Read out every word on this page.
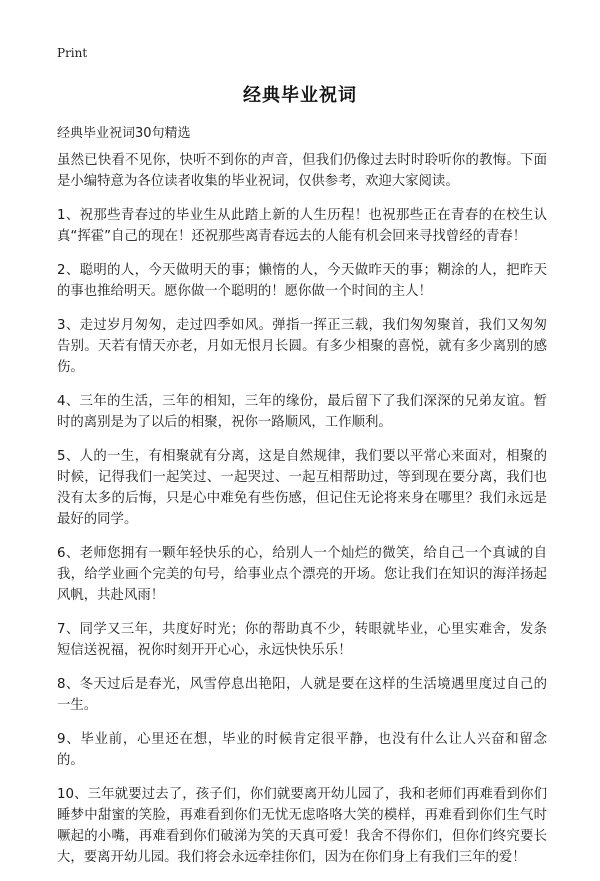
Print
经典毕业祝词
经典毕业祝词30句精选

虽然已快看不见你，快听不到你的声音，但我们仍像过去时时聆听你的教悔。下面是小编特意为各位读者收集的毕业祝词，仅供参考，欢迎大家阅读。

1、祝那些青春过的毕业生从此踏上新的人生历程！也祝那些正在青春的在校生认真“挥霍”自己的现在！还祝那些离青春远去的人能有机会回来寻找曾经的青春！

2、聪明的人，今天做明天的事；懒惰的人，今天做昨天的事；糊涂的人，把昨天的事也推给明天。愿你做一个聪明的！愿你做一个时间的主人！

3、走过岁月匆匆，走过四季如风。弹指一挥正三载，我们匆匆聚首，我们又匆匆告别。天若有情天亦老，月如无恨月长圆。有多少相聚的喜悦，就有多少离别的感伤。

4、三年的生活，三年的相知，三年的缘份，最后留下了我们深深的兄弟友谊。暂时的离别是为了以后的相聚，祝你一路顺风，工作顺利。

5、人的一生，有相聚就有分离，这是自然规律，我们要以平常心来面对，相聚的时候，记得我们一起笑过、一起哭过、一起互相帮助过，等到现在要分离，我们也没有太多的后悔，只是心中难免有些伤感，但记住无论将来身在哪里？我们永远是最好的同学。

6、老师您拥有一颗年轻快乐的心，给别人一个灿烂的微笑，给自己一个真诚的自我，给学业画个完美的句号，给事业点个漂亮的开场。您让我们在知识的海洋扬起风帆，共赴风雨！

7、同学又三年，共度好时光；你的帮助真不少，转眼就毕业，心里实难舍，发条短信送祝福，祝你时刻开开心心，永远快快乐乐！

8、冬天过后是春光，风雪停息出艳阳，人就是要在这样的生活境遇里度过自己的一生。

9、毕业前，心里还在想，毕业的时候肯定很平静，也没有什么让人兴奋和留念的。

10、三年就要过去了，孩子们，你们就要离开幼儿园了，我和老师们再难看到你们睡梦中甜蜜的笑脸，再难看到你们无忧无虑咯咯大笑的模样，再难看到你们生气时噘起的小嘴，再难看到你们破涕为笑的天真可爱！我舍不得你们，但你们终究要长大，要离开幼儿园。我们将会永远牵挂你们，因为在你们身上有我们三年的爱！
